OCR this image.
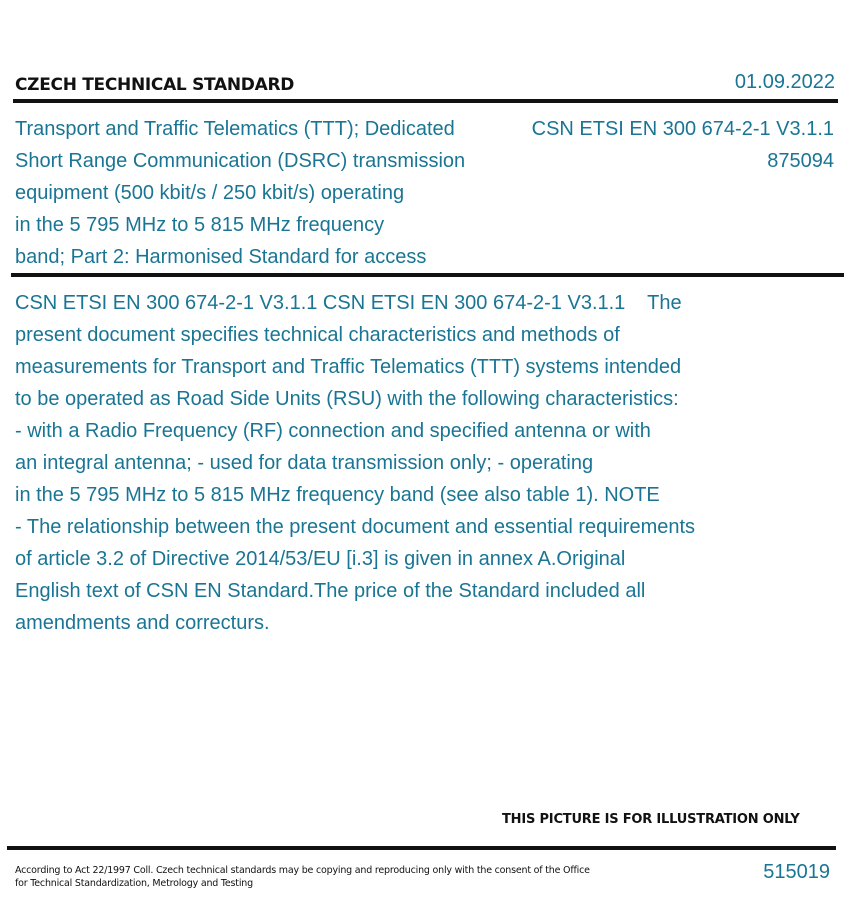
CZECH TECHNICAL STANDARD	01.09.2022
Transport and Traffic Telematics (TTT); Dedicated
Short Range Communication (DSRC) transmission
equipment (500 kbit/s / 250 kbit/s) operating
in the 5 795 MHz to 5 815 MHz frequency
band; Part 2: Harmonised Standard for access
CSN ETSI EN 300 674-2-1 V3.1.1
875094
CSN ETSI EN 300 674-2-1 V3.1.1 CSN ETSI EN 300 674-2-1 V3.1.1    The
present document specifies technical characteristics and methods of
measurements for Transport and Traffic Telematics (TTT) systems intended
to be operated as Road Side Units (RSU) with the following characteristics:
- with a Radio Frequency (RF) connection and specified antenna or with
an integral antenna; - used for data transmission only; - operating
in the 5 795 MHz to 5 815 MHz frequency band (see also table 1). NOTE
- The relationship between the present document and essential requirements
of article 3.2 of Directive 2014/53/EU [i.3] is given in annex A.Original
English text of CSN EN Standard.The price of the Standard included all
amendments and correcturs.
THIS PICTURE IS FOR ILLUSTRATION ONLY
According to Act 22/1997 Coll. Czech technical standards may be copying and reproducing only with the consent of the Office
for Technical Standardization, Metrology and Testing
515019
